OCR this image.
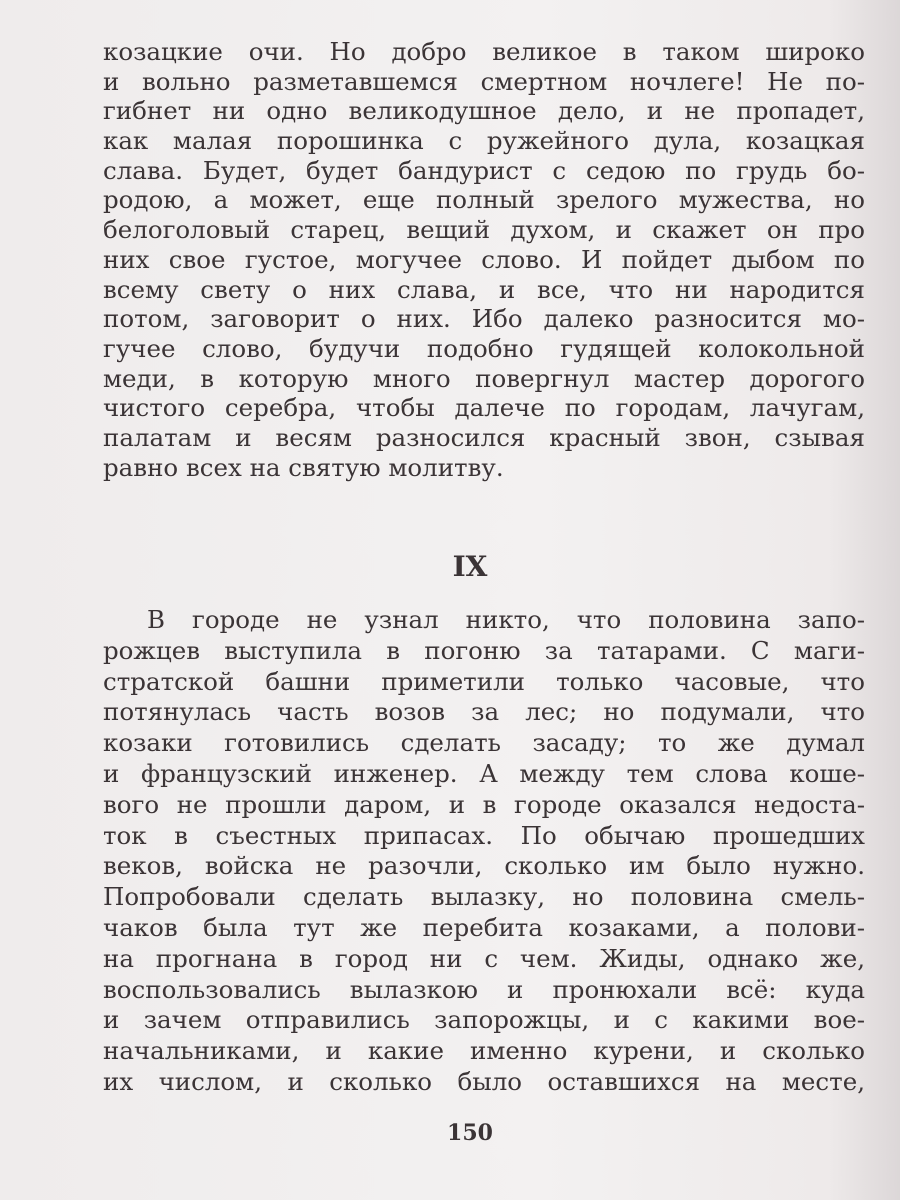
козацкие очи. Но добро великое в таком широко
и вольно разметавшемся смертном ночлеге! Не по-
гибнет ни одно великодушное дело, и не пропадет,
как малая порошинка с ружейного дула, козацкая
слава. Будет, будет бандурист с седою по грудь бо-
родою, а может, еще полный зрелого мужества, но
белоголовый старец, вещий духом, и скажет он про
них свое густое, могучее слово. И пойдет дыбом по
всему свету о них слава, и все, что ни народится
потом, заговорит о них. Ибо далеко разносится мо-
гучее слово, будучи подобно гудящей колокольной
меди, в которую много повергнул мастер дорогого
чистого серебра, чтобы далече по городам, лачугам,
палатам и весям разносился красный звон, сзывая
равно всех на святую молитву.
IX
В городе не узнал никто, что половина запо-
рожцев выступила в погоню за татарами. С маги-
стратской башни приметили только часовые, что
потянулась часть возов за лес; но подумали, что
козаки готовились сделать засаду; то же думал
и французский инженер. А между тем слова коше-
вого не прошли даром, и в городе оказался недоста-
ток в съестных припасах. По обычаю прошедших
веков, войска не разочли, сколько им было нужно.
Попробовали сделать вылазку, но половина смель-
чаков была тут же перебита козаками, а полови-
на прогнана в город ни с чем. Жиды, однако же,
воспользовались вылазкою и пронюхали всё: куда
и зачем отправились запорожцы, и с какими вое-
начальниками, и какие именно курени, и сколько
их числом, и сколько было оставшихся на месте,
150
